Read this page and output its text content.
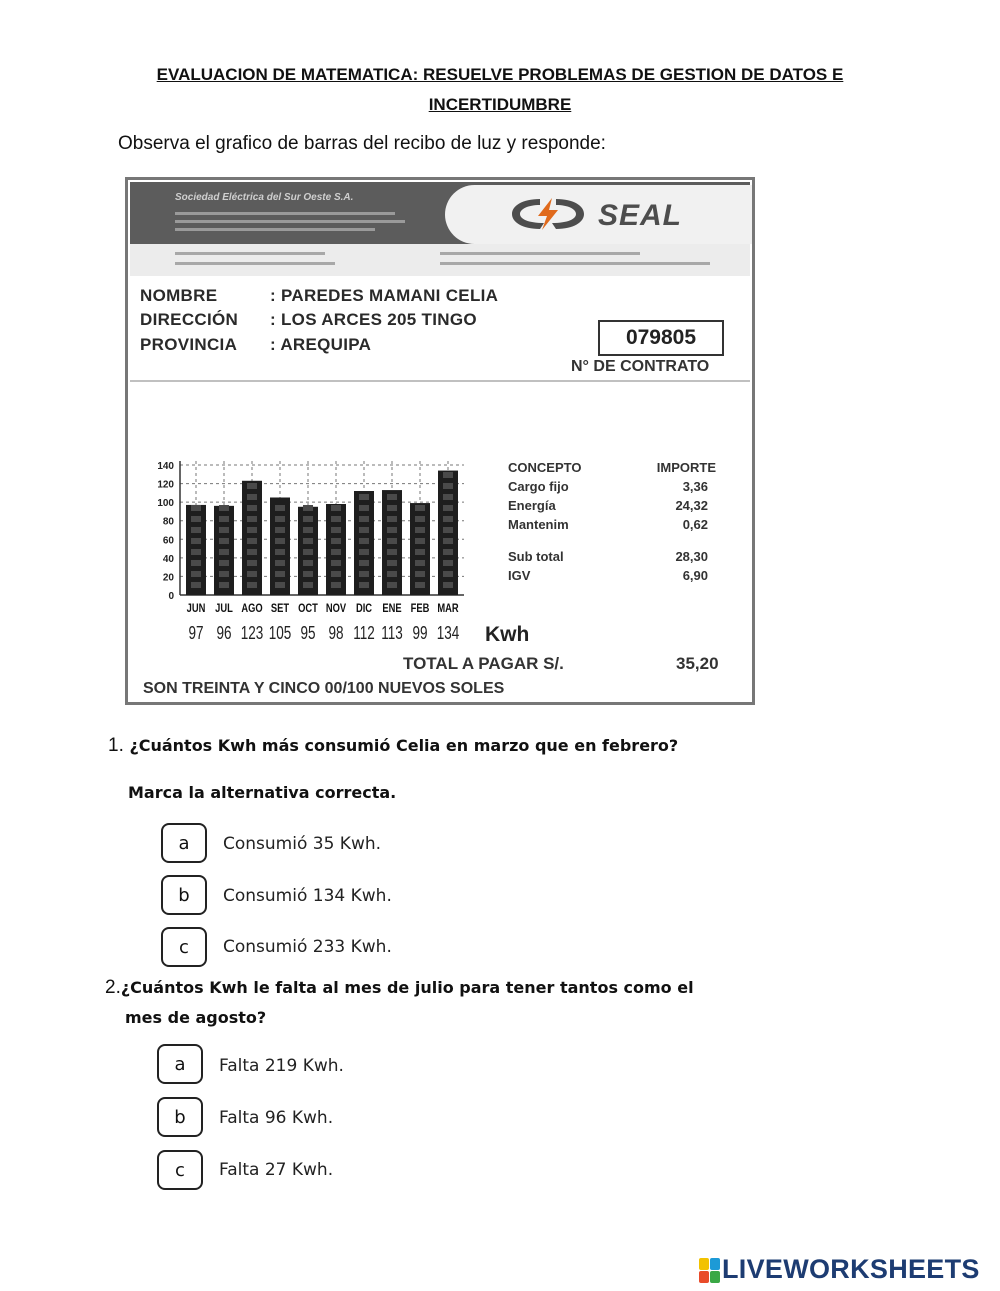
EVALUACION DE MATEMATICA: RESUELVE PROBLEMAS DE GESTION DE DATOS E
INCERTIDUMBRE
Observa el grafico de barras del recibo de luz y responde:
Sociedad Eléctrica del Sur Oeste S.A.
SEAL
NOMBRE	: PAREDES MAMANI CELIA
DIRECCIÓN : LOS ARCES 205 TINGO
PROVINCIA : AREQUIPA	079805
N° DE CONTRATO
0
20
40
60
80
100
120
140
JUN JUL AGO SET OCT NOV DIC ENE FEB MAR
97 96 123 105 95 98 112 113 99 134 Kwh
CONCEPTO	IMPORTE
Cargo fijo	3,36
Energía	24,32
Mantenim	0,62
Sub total	28,30
IGV	6,90
TOTAL A PAGAR S/.	35,20
SON TREINTA Y CINCO 00/100 NUEVOS SOLES
1. ¿Cuántos Kwh más consumió Celia en marzo que en febrero?
Marca la alternativa correcta.
a	Consumió 35 Kwh.
b	Consumió 134 Kwh.
c	Consumió 233 Kwh.
2.¿Cuántos Kwh le falta al mes de julio para tener tantos como el
mes de agosto?
a	Falta 219 Kwh.
b	Falta 96 Kwh.
c	Falta 27 Kwh.
LIVEWORKSHEETS
